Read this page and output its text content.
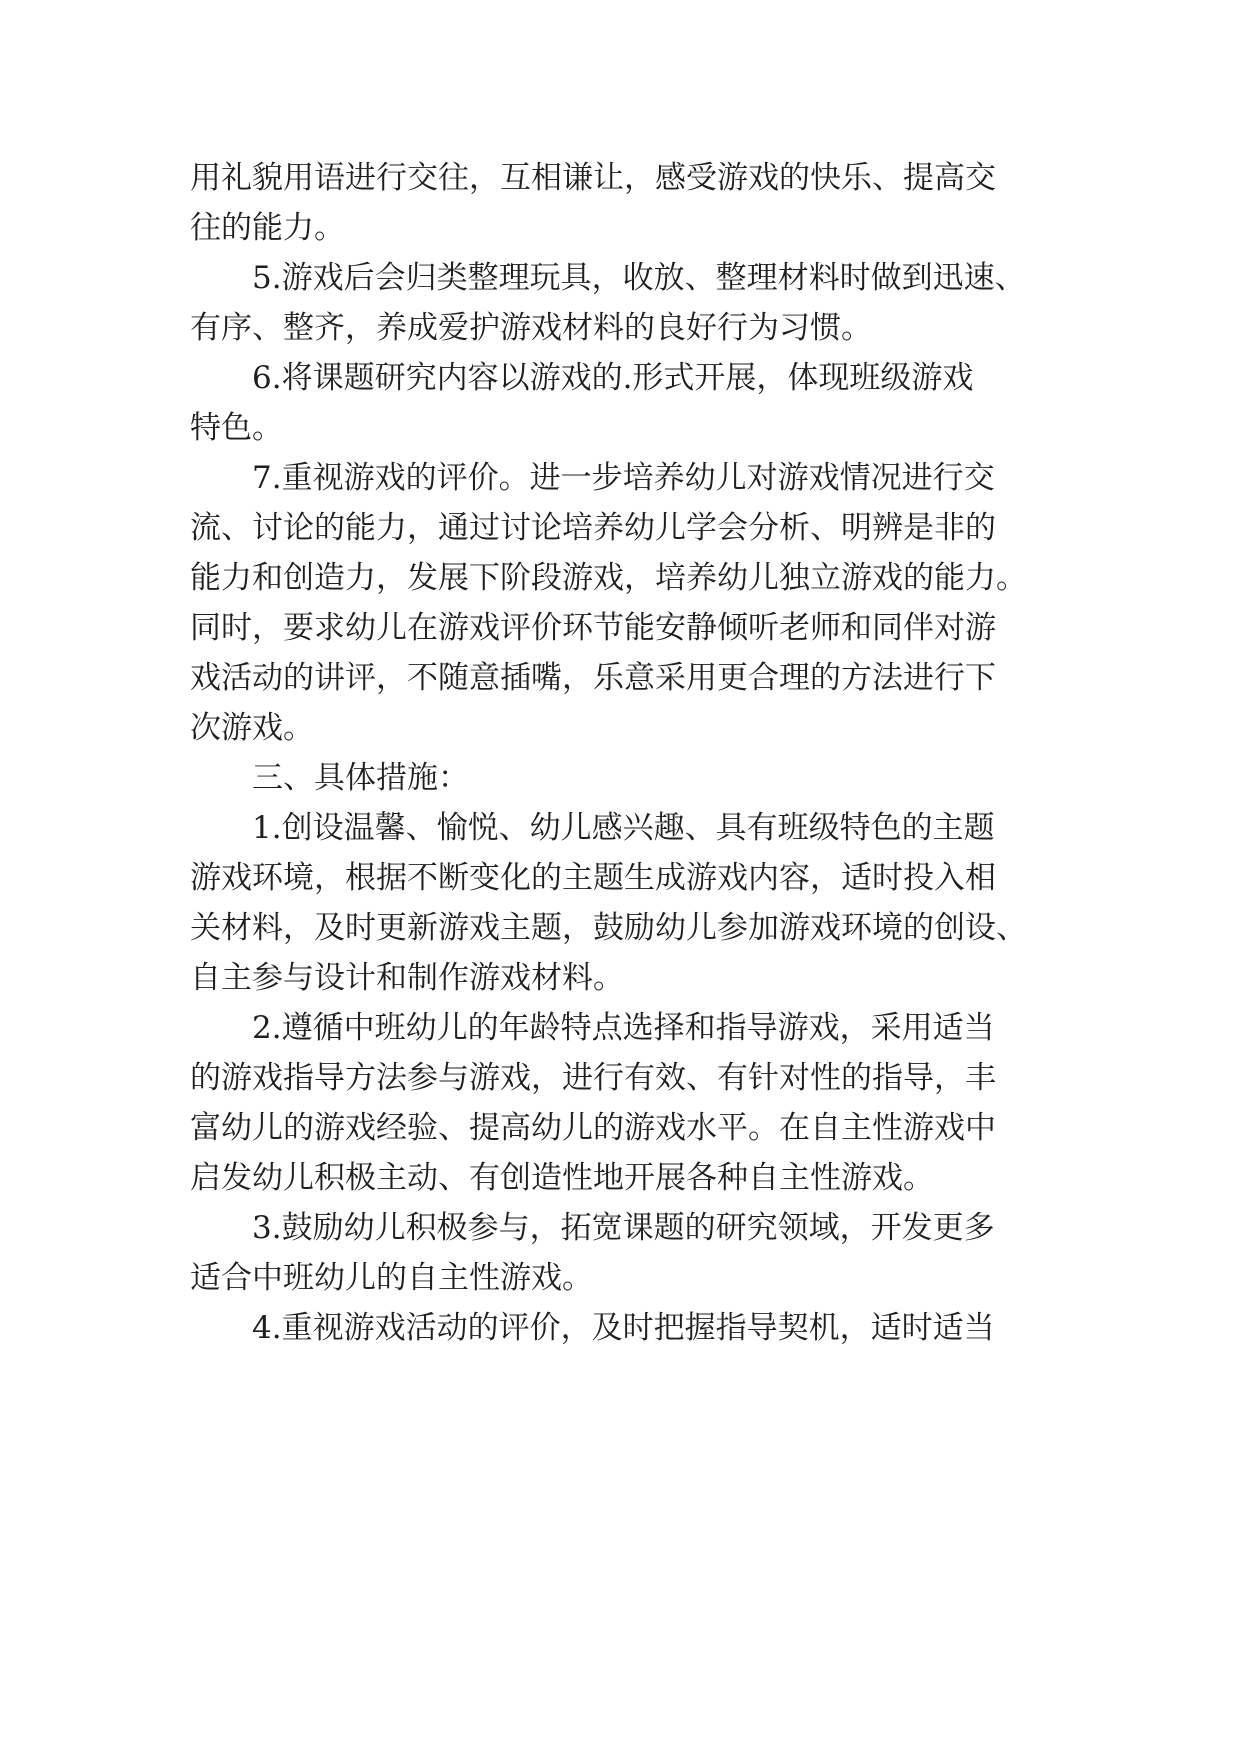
用礼貌用语进行交往，互相谦让，感受游戏的快乐、提高交
往的能力。
5.游戏后会归类整理玩具，收放、整理材料时做到迅速、
有序、整齐，养成爱护游戏材料的良好行为习惯。
6.将课题研究内容以游戏的.形式开展，体现班级游戏
特色。
7.重视游戏的评价。进一步培养幼儿对游戏情况进行交
流、讨论的能力，通过讨论培养幼儿学会分析、明辨是非的
能力和创造力，发展下阶段游戏，培养幼儿独立游戏的能力。
同时，要求幼儿在游戏评价环节能安静倾听老师和同伴对游
戏活动的讲评，不随意插嘴，乐意采用更合理的方法进行下
次游戏。
三、具体措施：
1.创设温馨、愉悦、幼儿感兴趣、具有班级特色的主题
游戏环境，根据不断变化的主题生成游戏内容，适时投入相
关材料，及时更新游戏主题，鼓励幼儿参加游戏环境的创设、
自主参与设计和制作游戏材料。
2.遵循中班幼儿的年龄特点选择和指导游戏，采用适当
的游戏指导方法参与游戏，进行有效、有针对性的指导，丰
富幼儿的游戏经验、提高幼儿的游戏水平。在自主性游戏中
启发幼儿积极主动、有创造性地开展各种自主性游戏。
3.鼓励幼儿积极参与，拓宽课题的研究领域，开发更多
适合中班幼儿的自主性游戏。
4.重视游戏活动的评价，及时把握指导契机，适时适当
